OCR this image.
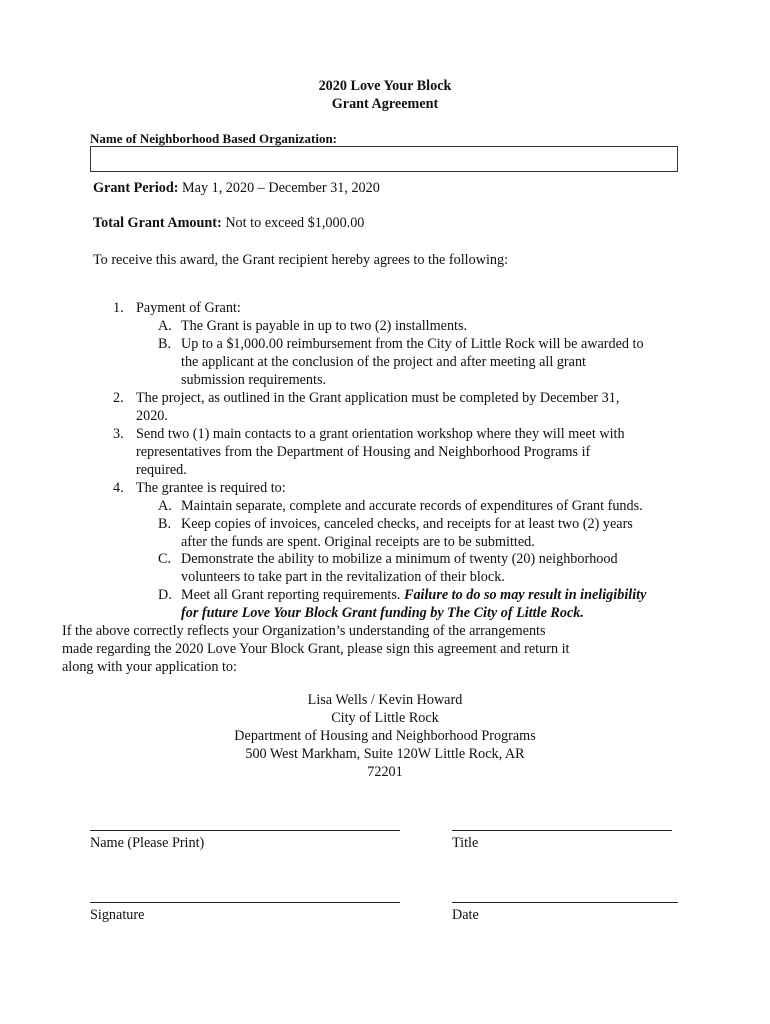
2020 Love Your Block
Grant Agreement
Name of Neighborhood Based Organization:
Grant Period: May 1, 2020 – December 31, 2020
Total Grant Amount: Not to exceed $1,000.00
To receive this award, the Grant recipient hereby agrees to the following:
1. Payment of Grant:
A. The Grant is payable in up to two (2) installments.
B. Up to a $1,000.00 reimbursement from the City of Little Rock will be awarded to
the applicant at the conclusion of the project and after meeting all grant
submission requirements.
2. The project, as outlined in the Grant application must be completed by December 31,
2020.
3. Send two (1) main contacts to a grant orientation workshop where they will meet with
representatives from the Department of Housing and Neighborhood Programs if
required.
4. The grantee is required to:
A. Maintain separate, complete and accurate records of expenditures of Grant funds.
B. Keep copies of invoices, canceled checks, and receipts for at least two (2) years
after the funds are spent. Original receipts are to be submitted.
C. Demonstrate the ability to mobilize a minimum of twenty (20) neighborhood
volunteers to take part in the revitalization of their block.
D. Meet all Grant reporting requirements. Failure to do so may result in ineligibility
for future Love Your Block Grant funding by The City of Little Rock.
If the above correctly reflects your Organization’s understanding of the arrangements
made regarding the 2020 Love Your Block Grant, please sign this agreement and return it
along with your application to:
Lisa Wells / Kevin Howard
City of Little Rock
Department of Housing and Neighborhood Programs
500 West Markham, Suite 120W Little Rock, AR
72201
Name (Please Print)	Title
Signature	Date
